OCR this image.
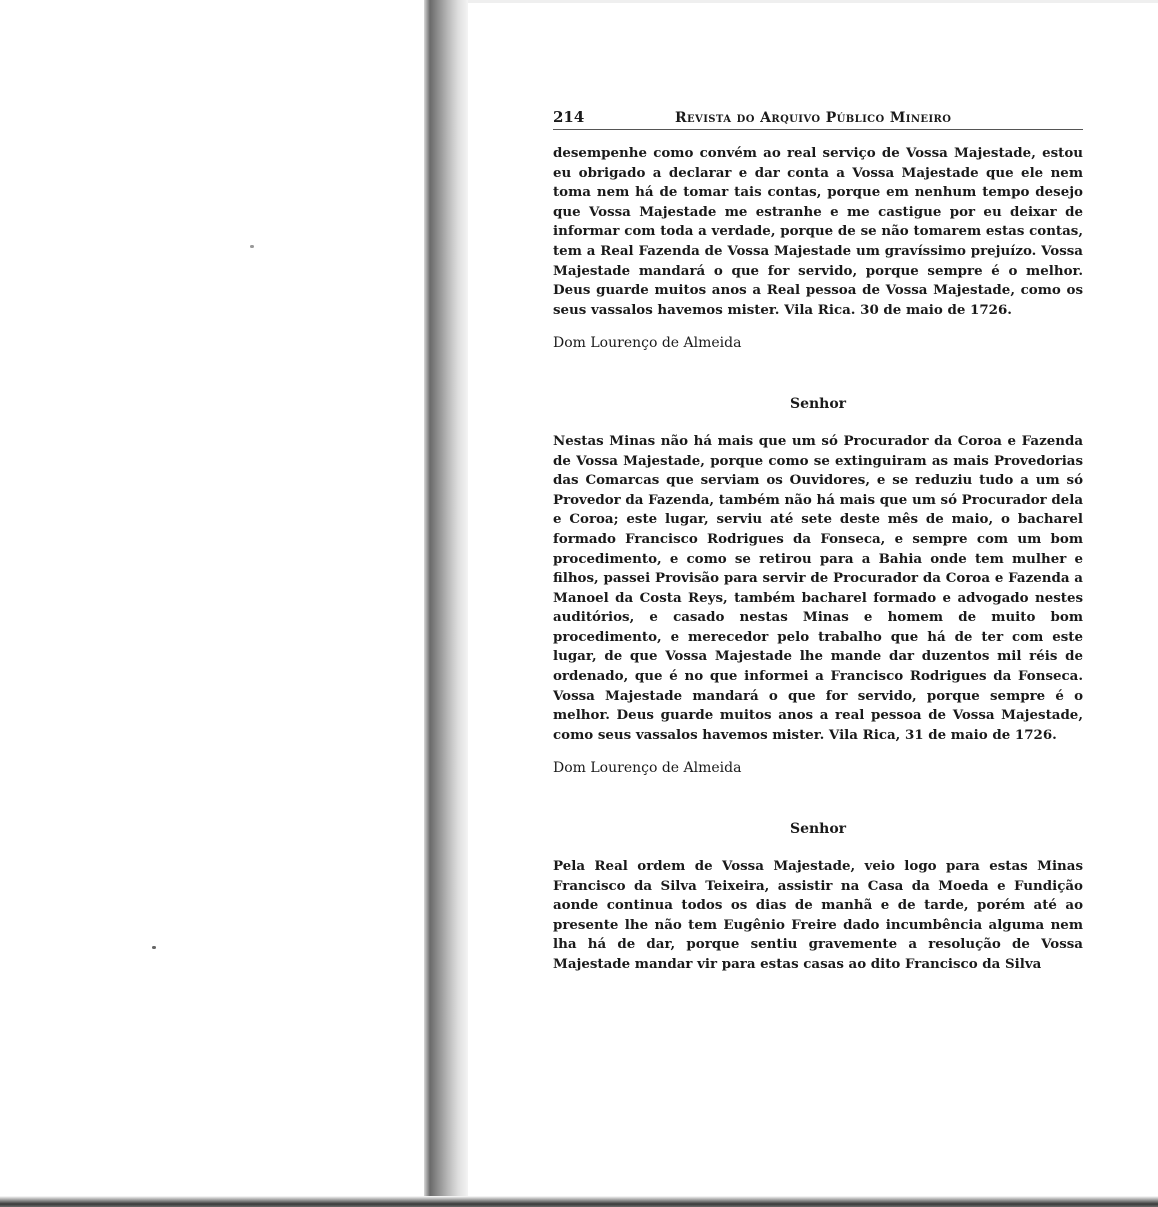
214	Revista do Arquivo Público Mineiro

desempenhe como convém ao real serviço de Vossa Majestade, estou eu obrigado a declarar e dar conta a Vossa Majestade que ele nem toma nem há de tomar tais contas, porque em nenhum tempo desejo que Vossa Majestade me estranhe e me castigue por eu deixar de informar com toda a verdade, porque de se não tomarem estas contas, tem a Real Fazenda de Vossa Majestade um gravíssimo prejuízo. Vossa Majestade mandará o que for servido, porque sempre é o melhor. Deus guarde muitos anos a Real pessoa de Vossa Majestade, como os seus vassalos havemos mister. Vila Rica. 30 de maio de 1726.

Dom Lourenço de Almeida

Senhor

Nestas Minas não há mais que um só Procurador da Coroa e Fazenda de Vossa Majestade, porque como se extinguiram as mais Provedorias das Comarcas que serviam os Ouvidores, e se reduziu tudo a um só Provedor da Fazenda, também não há mais que um só Procurador dela e Coroa; este lugar, serviu até sete deste mês de maio, o bacharel formado Francisco Rodrigues da Fonseca, e sempre com um bom procedimento, e como se retirou para a Bahia onde tem mulher e filhos, passei Provisão para servir de Procurador da Coroa e Fazenda a Manoel da Costa Reys, também bacharel formado e advogado nestes auditórios, e casado nestas Minas e homem de muito bom procedimento, e merecedor pelo trabalho que há de ter com este lugar, de que Vossa Majestade lhe mande dar duzentos mil réis de ordenado, que é no que informei a Francisco Rodrigues da Fonseca. Vossa Majestade mandará o que for servido, porque sempre é o melhor. Deus guarde muitos anos a real pessoa de Vossa Majestade, como seus vassalos havemos mister. Vila Rica, 31 de maio de 1726.

Dom Lourenço de Almeida

Senhor

Pela Real ordem de Vossa Majestade, veio logo para estas Minas Francisco da Silva Teixeira, assistir na Casa da Moeda e Fundição aonde continua todos os dias de manhã e de tarde, porém até ao presente lhe não tem Eugênio Freire dado incumbência alguma nem lha há de dar, porque sentiu gravemente a resolução de Vossa Majestade mandar vir para estas casas ao dito Francisco da Silva
